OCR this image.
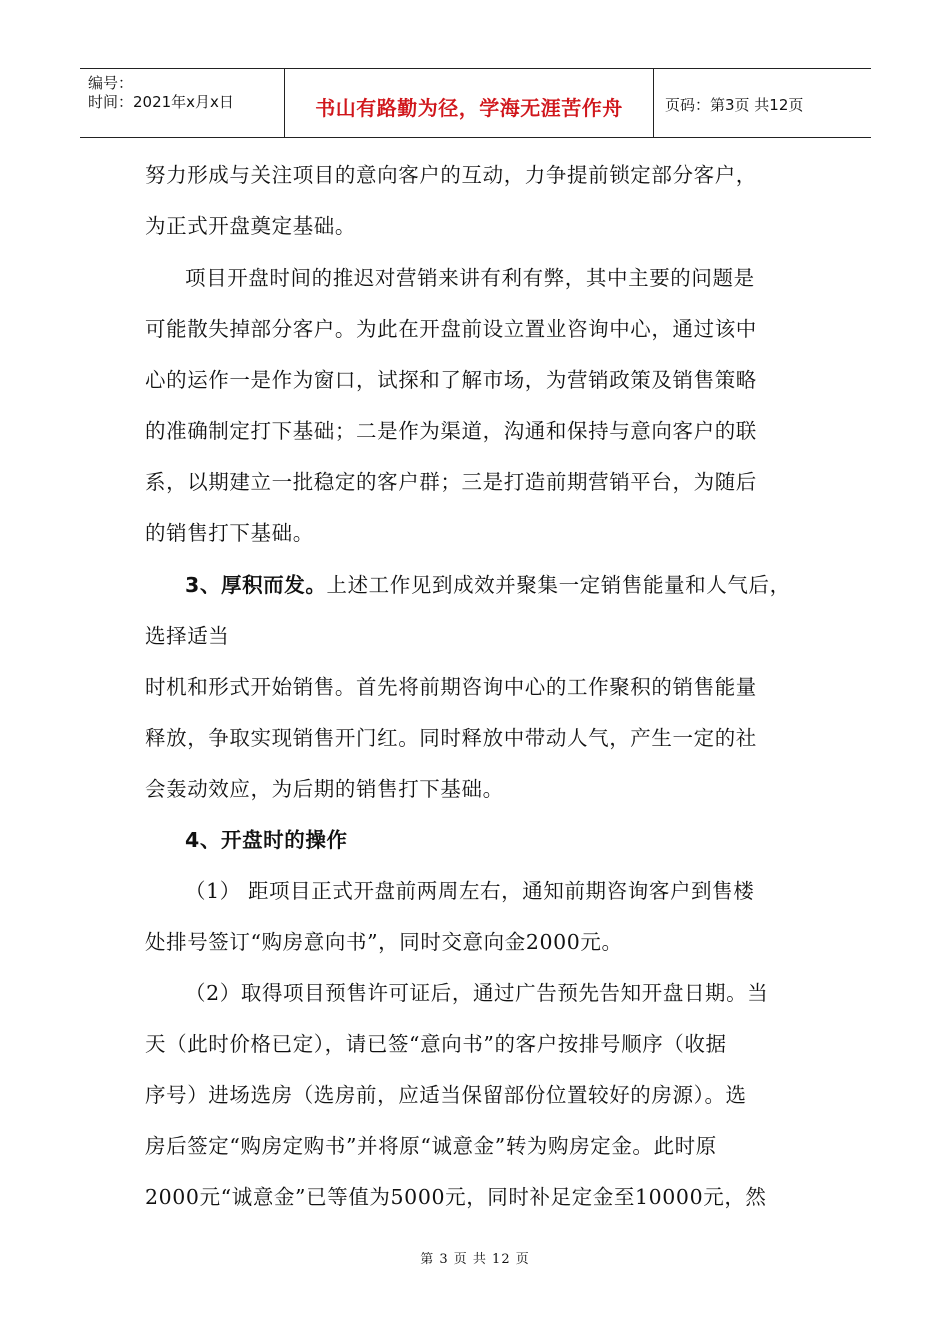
编号：
时间：2021年x月x日	书山有路勤为径，学海无涯苦作舟	页码：第3页 共12页
努力形成与关注项目的意向客户的互动，力争提前锁定部分客户，
为正式开盘奠定基础。
项目开盘时间的推迟对营销来讲有利有弊，其中主要的问题是
可能散失掉部分客户。为此在开盘前设立置业咨询中心，通过该中
心的运作一是作为窗口，试探和了解市场，为营销政策及销售策略
的准确制定打下基础；二是作为渠道，沟通和保持与意向客户的联
系，以期建立一批稳定的客户群；三是打造前期营销平台，为随后
的销售打下基础。
3、厚积而发。上述工作见到成效并聚集一定销售能量和人气后，
选择适当
时机和形式开始销售。首先将前期咨询中心的工作聚积的销售能量
释放，争取实现销售开门红。同时释放中带动人气，产生一定的社
会轰动效应，为后期的销售打下基础。
4、开盘时的操作
（1） 距项目正式开盘前两周左右，通知前期咨询客户到售楼
处排号签订“购房意向书”，同时交意向金2000元。
（2）取得项目预售许可证后，通过广告预先告知开盘日期。当
天（此时价格已定），请已签“意向书”的客户按排号顺序（收据
序号）进场选房（选房前，应适当保留部份位置较好的房源）。选
房后签定“购房定购书”并将原“诚意金”转为购房定金。此时原
2000元“诚意金”已等值为5000元，同时补足定金至10000元，然
第 3 页 共 12 页
